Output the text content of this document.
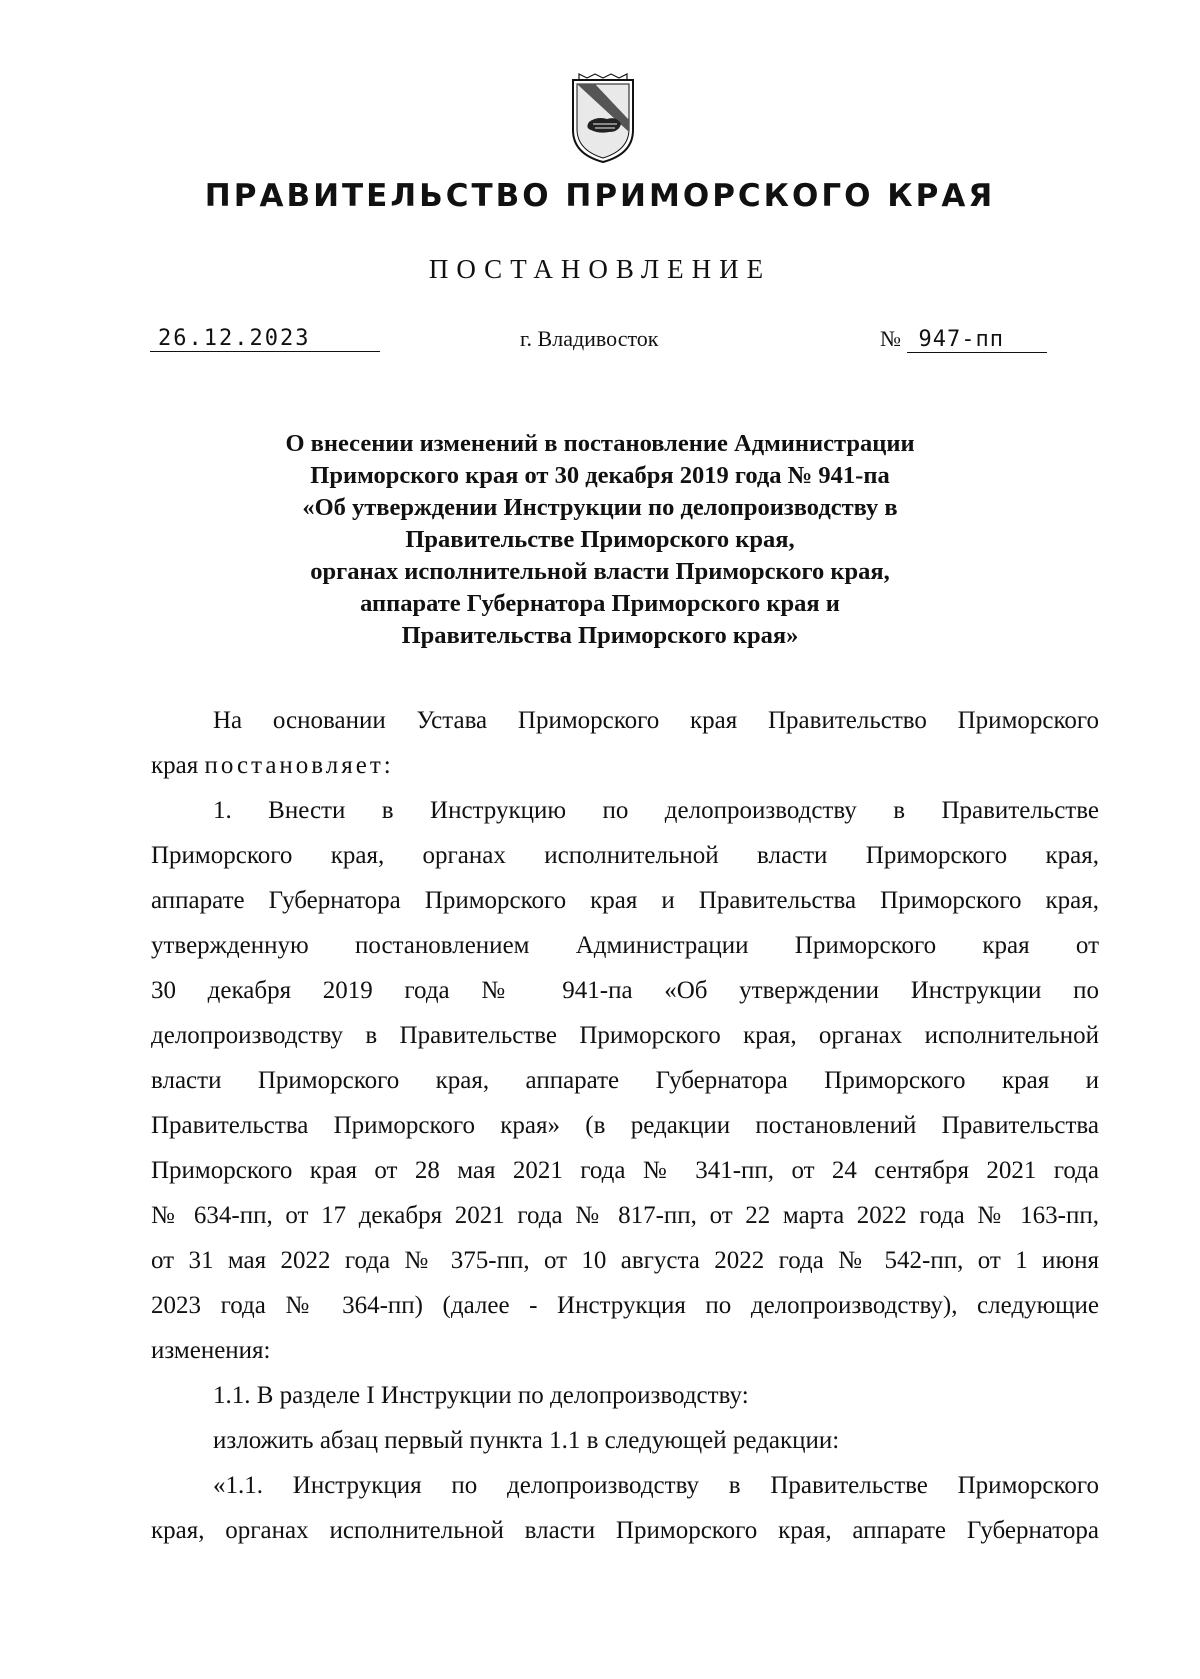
ПРАВИТЕЛЬСТВО ПРИМОРСКОГО КРАЯ
ПОСТАНОВЛЕНИЕ
26.12.2023	г. Владивосток	№ 947-пп
О внесении изменений в постановление Администрации
Приморского края от 30 декабря 2019 года № 941-па
«Об утверждении Инструкции по делопроизводству в
Правительстве Приморского края,
органах исполнительной власти Приморского края,
аппарате Губернатора Приморского края и
Правительства Приморского края»
На основании Устава Приморского края Правительство Приморского
края постановляет:
1. Внести в Инструкцию по делопроизводству в Правительстве
Приморского края, органах исполнительной власти Приморского края,
аппарате Губернатора Приморского края и Правительства Приморского края,
утвержденную постановлением Администрации Приморского края от
30 декабря 2019 года № 941-па «Об утверждении Инструкции по
делопроизводству в Правительстве Приморского края, органах исполнительной
власти Приморского края, аппарате Губернатора Приморского края и
Правительства Приморского края» (в редакции постановлений Правительства
Приморского края от 28 мая 2021 года № 341-пп, от 24 сентября 2021 года
№ 634-пп, от 17 декабря 2021 года № 817-пп, от 22 марта 2022 года № 163-пп,
от 31 мая 2022 года № 375-пп, от 10 августа 2022 года № 542-пп, от 1 июня
2023 года № 364-пп) (далее - Инструкция по делопроизводству), следующие
изменения:
1.1. В разделе I Инструкции по делопроизводству:
изложить абзац первый пункта 1.1 в следующей редакции:
«1.1. Инструкция по делопроизводству в Правительстве Приморского
края, органах исполнительной власти Приморского края, аппарате Губернатора
